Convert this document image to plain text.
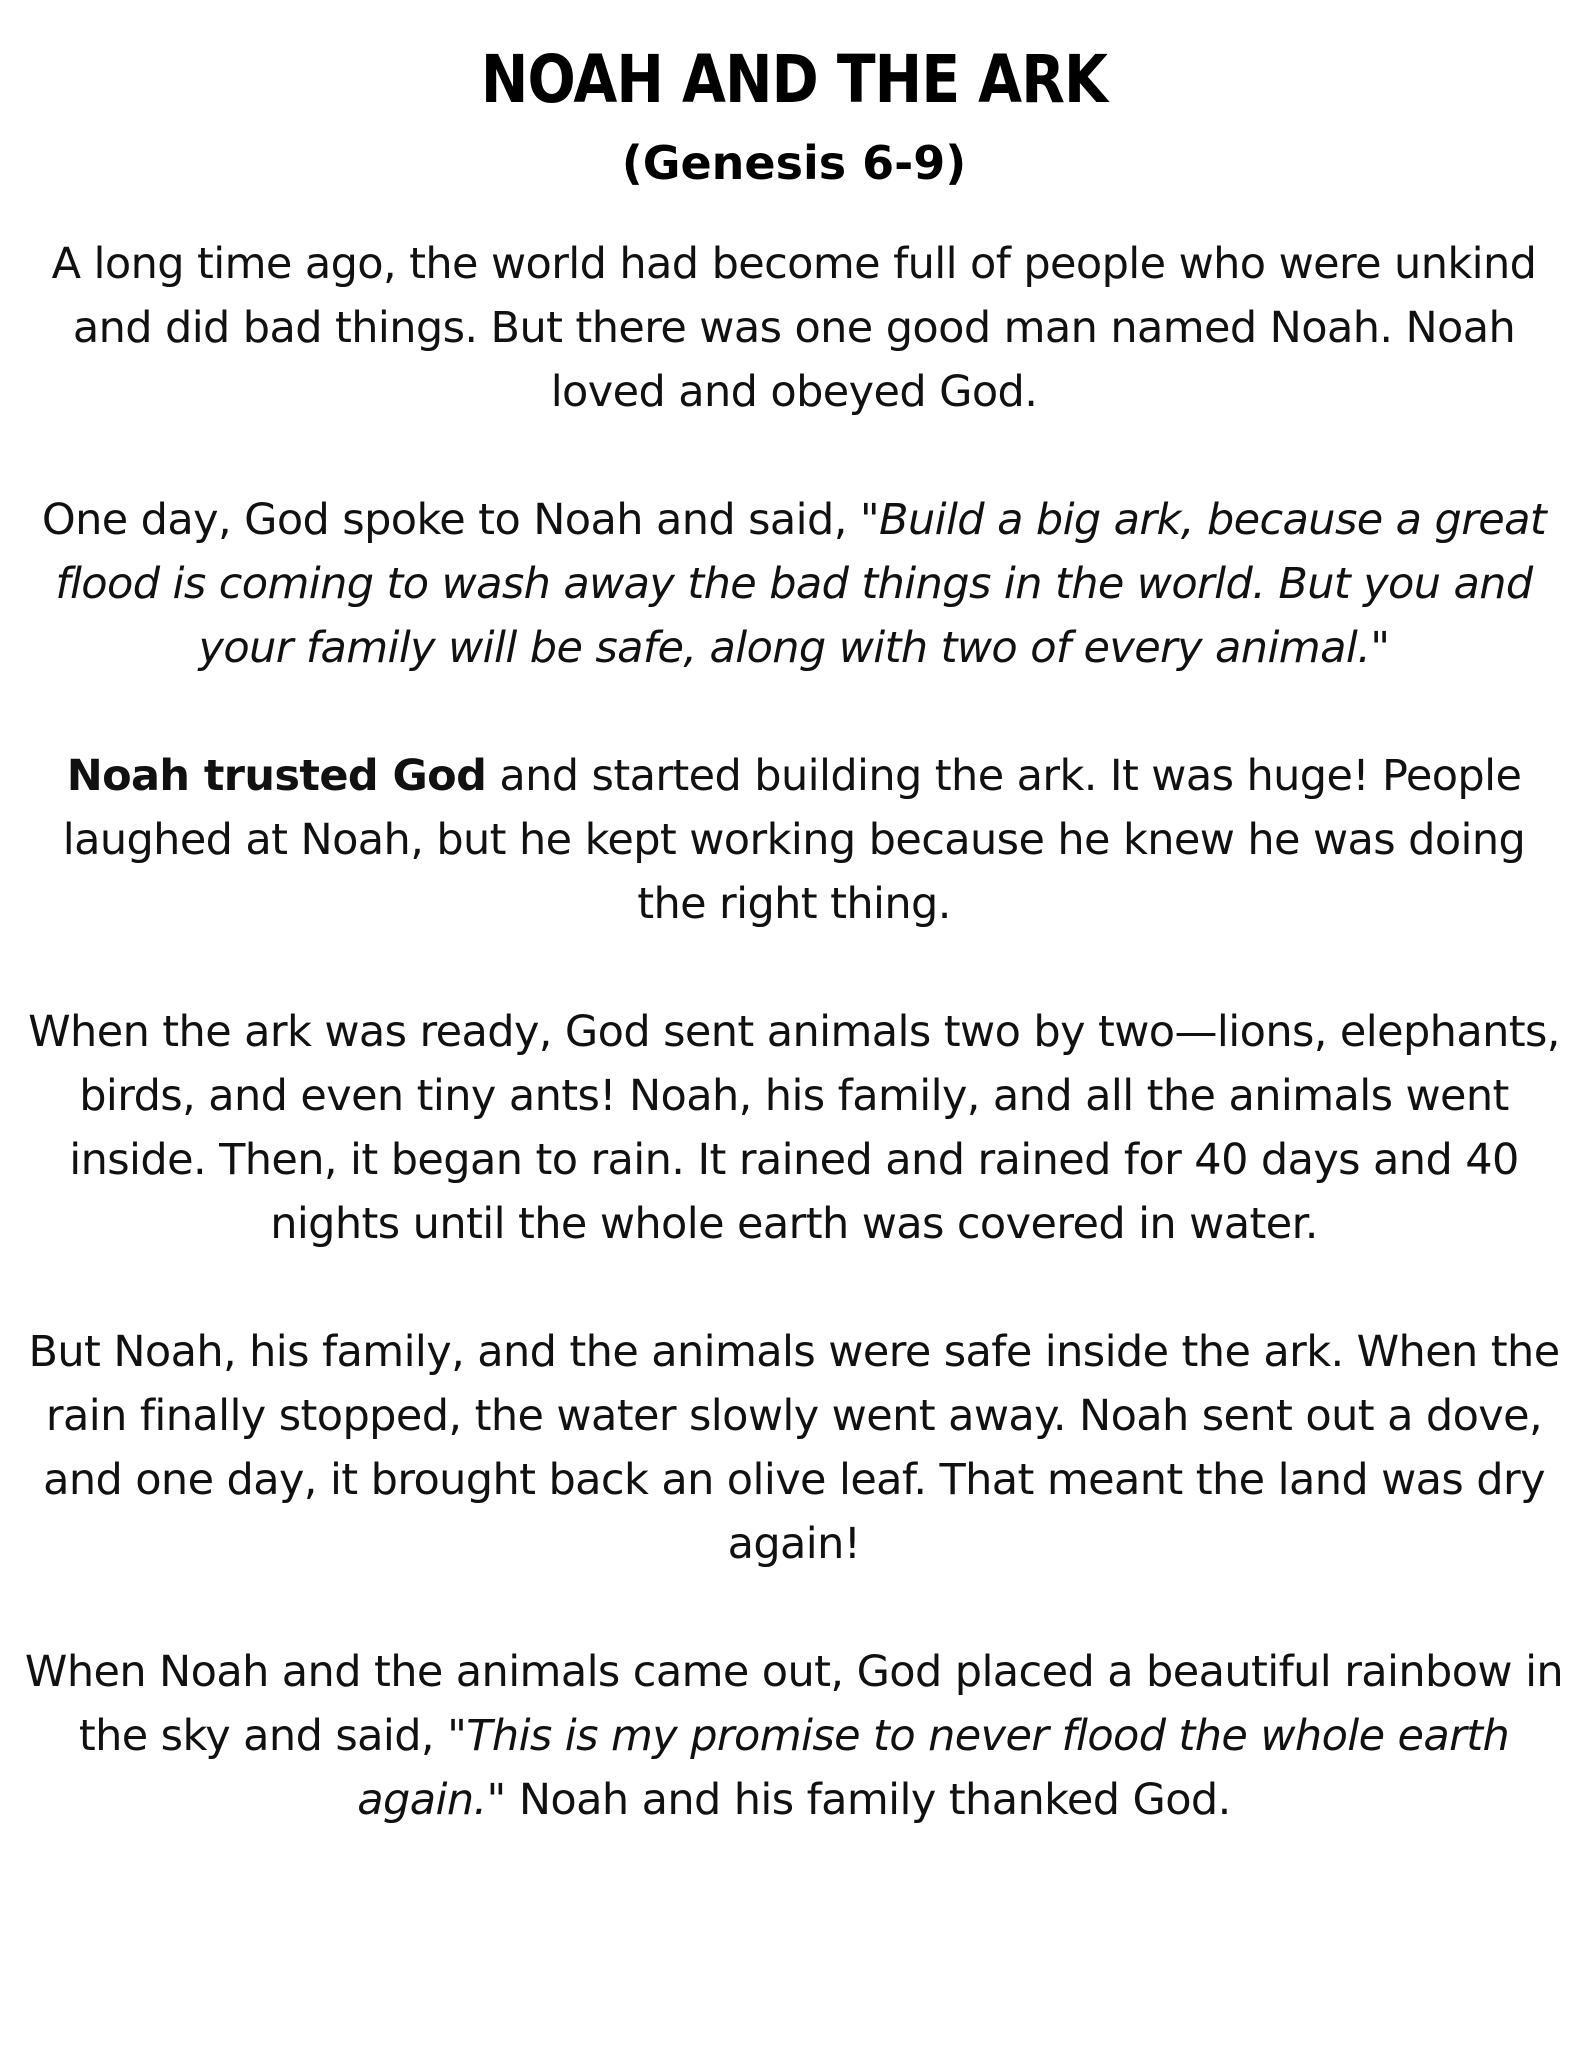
NOAH AND THE ARK
(Genesis 6-9)

A long time ago, the world had become full of people who were unkind and did bad things. But there was one good man named Noah. Noah loved and obeyed God.

One day, God spoke to Noah and said, "Build a big ark, because a great flood is coming to wash away the bad things in the world. But you and your family will be safe, along with two of every animal."

Noah trusted God and started building the ark. It was huge! People laughed at Noah, but he kept working because he knew he was doing the right thing.

When the ark was ready, God sent animals two by two—lions, elephants, birds, and even tiny ants! Noah, his family, and all the animals went inside. Then, it began to rain. It rained and rained for 40 days and 40 nights until the whole earth was covered in water.

But Noah, his family, and the animals were safe inside the ark. When the rain finally stopped, the water slowly went away. Noah sent out a dove, and one day, it brought back an olive leaf. That meant the land was dry again!

When Noah and the animals came out, God placed a beautiful rainbow in the sky and said, "This is my promise to never flood the whole earth again." Noah and his family thanked God.
